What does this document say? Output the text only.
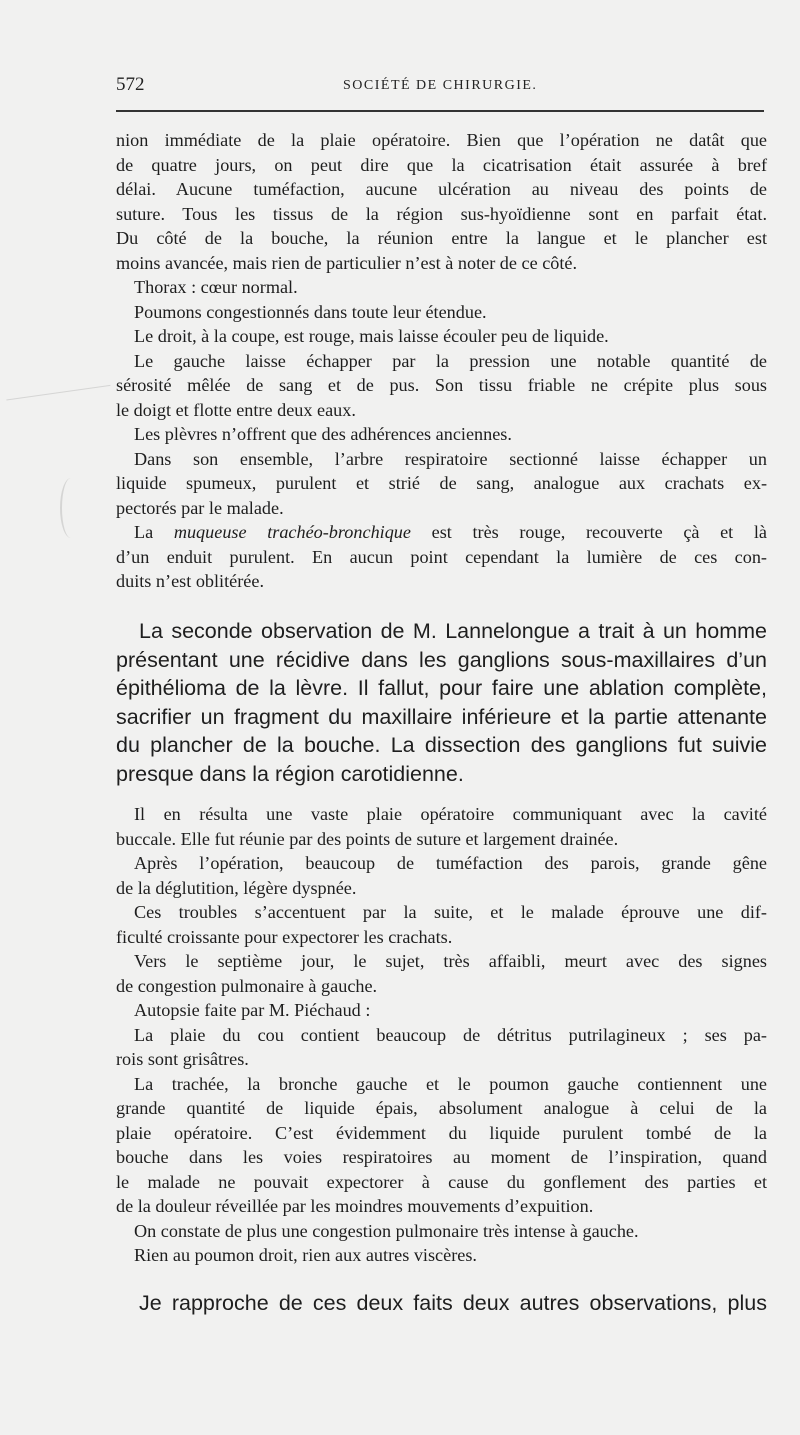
572	SOCIÉTÉ DE CHIRURGIE.
nion immédiate de la plaie opératoire. Bien que l’opération ne datât que
de quatre jours, on peut dire que la cicatrisation était assurée à bref
délai. Aucune tuméfaction, aucune ulcération au niveau des points de
suture. Tous les tissus de la région sus-hyoïdienne sont en parfait état.
Du côté de la bouche, la réunion entre la langue et le plancher est
moins avancée, mais rien de particulier n’est à noter de ce côté.
Thorax : cœur normal.
Poumons congestionnés dans toute leur étendue.
Le droit, à la coupe, est rouge, mais laisse écouler peu de liquide.
Le gauche laisse échapper par la pression une notable quantité de
sérosité mêlée de sang et de pus. Son tissu friable ne crépite plus sous
le doigt et flotte entre deux eaux.
Les plèvres n’offrent que des adhérences anciennes.
Dans son ensemble, l’arbre respiratoire sectionné laisse échapper un
liquide spumeux, purulent et strié de sang, analogue aux crachats ex-
pectorés par le malade.
La muqueuse trachéo-bronchique est très rouge, recouverte çà et là
d’un enduit purulent. En aucun point cependant la lumière de ces con-
duits n’est oblitérée.
La seconde observation de M. Lannelongue a trait à un homme
présentant une récidive dans les ganglions sous-maxillaires d’un
épithélioma de la lèvre. Il fallut, pour faire une ablation complète,
sacrifier un fragment du maxillaire inférieure et la partie attenante
du plancher de la bouche. La dissection des ganglions fut suivie
presque dans la région carotidienne.
Il en résulta une vaste plaie opératoire communiquant avec la cavité
buccale. Elle fut réunie par des points de suture et largement drainée.
Après l’opération, beaucoup de tuméfaction des parois, grande gêne
de la déglutition, légère dyspnée.
Ces troubles s’accentuent par la suite, et le malade éprouve une dif-
ficulté croissante pour expectorer les crachats.
Vers le septième jour, le sujet, très affaibli, meurt avec des signes
de congestion pulmonaire à gauche.
Autopsie faite par M. Piéchaud :
La plaie du cou contient beaucoup de détritus putrilagineux ; ses pa-
rois sont grisâtres.
La trachée, la bronche gauche et le poumon gauche contiennent une
grande quantité de liquide épais, absolument analogue à celui de la
plaie opératoire. C’est évidemment du liquide purulent tombé de la
bouche dans les voies respiratoires au moment de l’inspiration, quand
le malade ne pouvait expectorer à cause du gonflement des parties et
de la douleur réveillée par les moindres mouvements d’expuition.
On constate de plus une congestion pulmonaire très intense à gauche.
Rien au poumon droit, rien aux autres viscères.
Je rapproche de ces deux faits deux autres observations, plus
